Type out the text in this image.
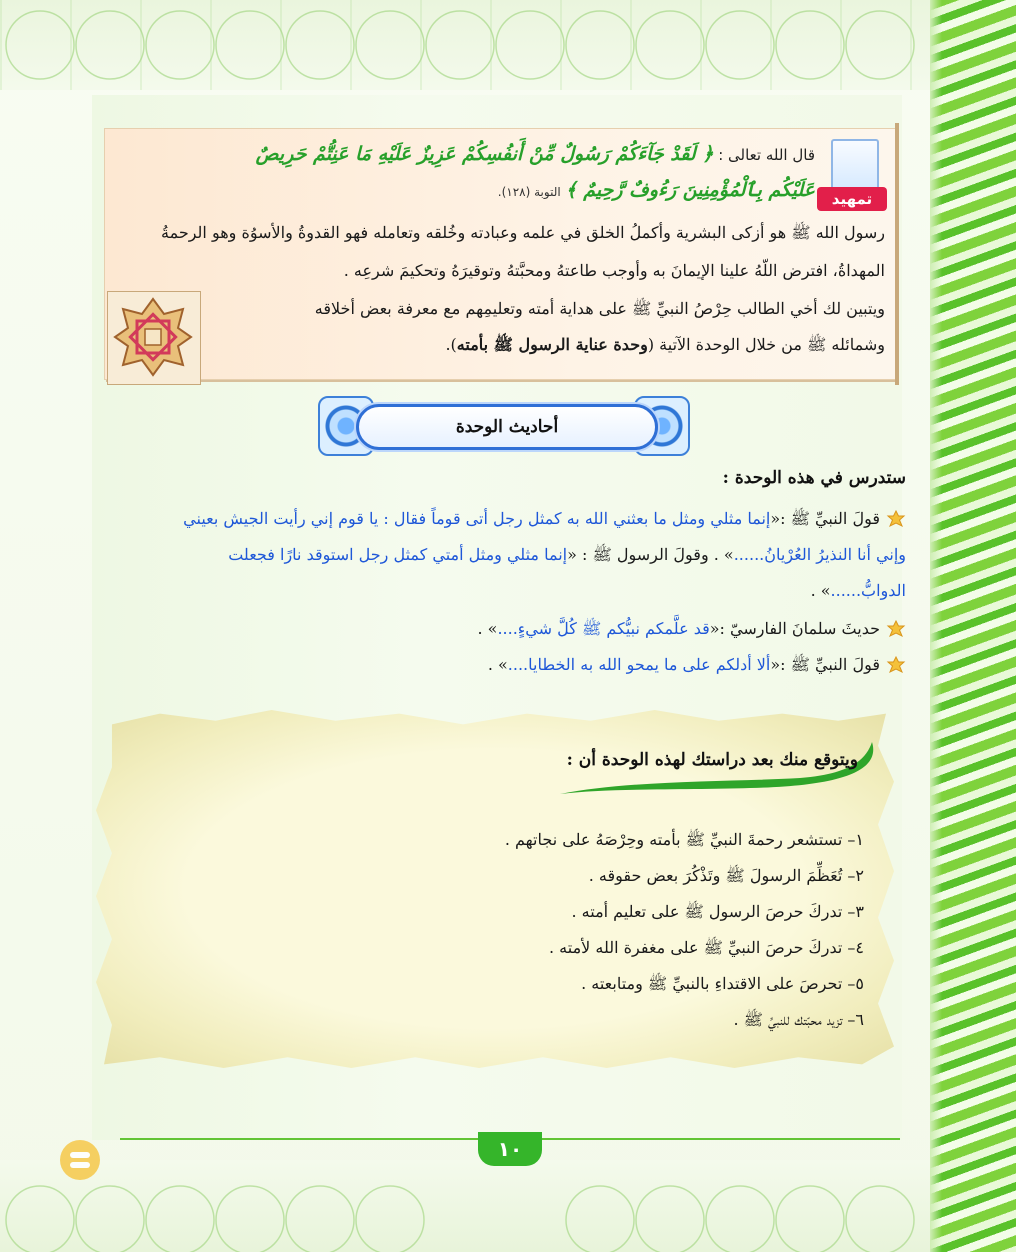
تمهيد
قال الله تعالى : ﴿ لَقَدْ جَآءَكُمْ رَسُولٌ مِّنْ أَنفُسِكُمْ عَزِيزٌ عَلَيْهِ مَا عَنِتُّمْ حَرِيصٌ
عَلَيْكُم بِٱلْمُؤْمِنِينَ رَءُوفٌ رَّحِيمٌ ﴾ التوبة (١٢٨).
رسول الله ﷺ هو أزكى البشرية وأكملُ الخلق في علمه وعبادته وخُلقه وتعامله فهو القدوةُ والأسوُة وهو الرحمةُ
المهداةُ، افترض اللّهُ علينا الإيمانَ به وأوجب طاعتهُ ومحبَّتهُ وتوقيرَهُ وتحكيمَ شرعِه .
ويتبين لك أخي الطالب حِرْصُ النبيِّ ﷺ على هداية أمته وتعليمِهم مع معرفة بعض أخلاقه
وشمائله ﷺ من خلال الوحدة الآتية (وحدة عناية الرسول ﷺ بأمته).
أحاديث الوحدة
ستدرس في هذه الوحدة :
قولَ النبيِّ ﷺ :«إنما مثلي ومثل ما بعثني الله به كمثل رجل أتى قوماً فقال : يا قوم إني رأيت الجيش بعيني
وإني أنا النذيرُ العُرْيانُ......» . وقولَ الرسول ﷺ : «إنما مثلي ومثل أمتي كمثل رجل استوقد نارًا فجعلت
الدوابُّ......» .
حديثَ سلمانَ الفارسيّ :«قد علَّمكم نبيُّكم ﷺ كُلَّ شيءٍ....» .
قولَ النبيِّ ﷺ :«ألا أدلكم على ما يمحو الله به الخطايا....» .
ويتوقع منك بعد دراستك لهذه الوحدة أن :
١– تستشعر رحمةَ النبيِّ ﷺ بأمته وحِرْصَهُ على نجاتهم .
٢– تُعَظِّمَ الرسولَ ﷺ وتَذْكُرَ بعض حقوقه .
٣– تدركَ حرصَ الرسول ﷺ على تعليم أمته .
٤– تدركَ حرصَ النبيِّ ﷺ على مغفرة الله لأمته .
٥– تحرصَ على الاقتداءِ بالنبيِّ ﷺ ومتابعته .
٦– تزيد محبّتك للنبيِّ ﷺ .
١٠
